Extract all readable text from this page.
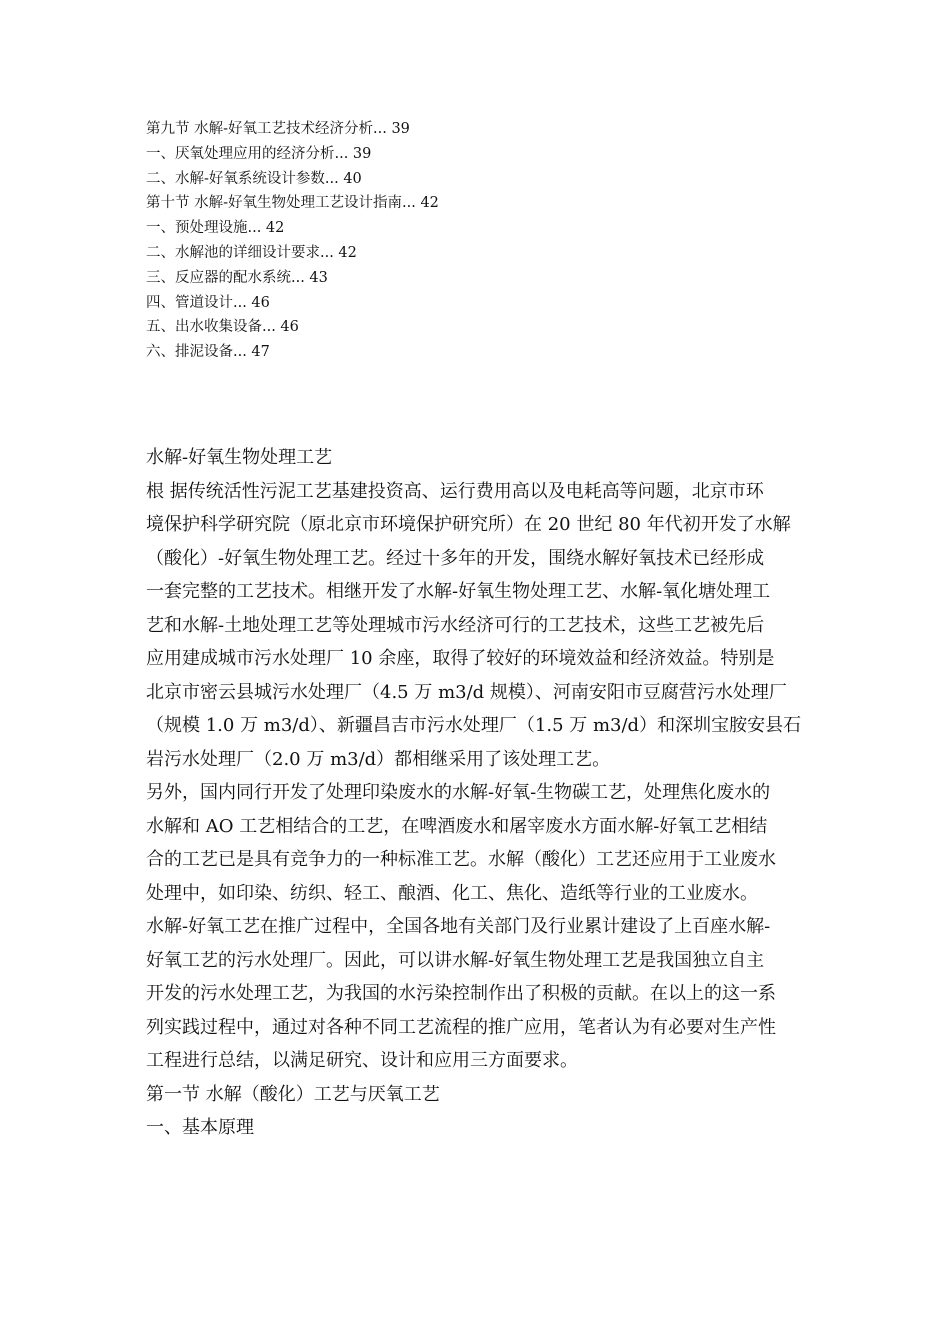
第九节 水解-好氧工艺技术经济分析... 39
一、厌氧处理应用的经济分析... 39
二、水解-好氧系统设计参数... 40
第十节 水解-好氧生物处理工艺设计指南... 42
一、预处理设施... 42
二、水解池的详细设计要求... 42
三、反应器的配水系统... 43
四、管道设计... 46
五、出水收集设备... 46
六、排泥设备... 47
水解-好氧生物处理工艺
根 据传统活性污泥工艺基建投资高、运行费用高以及电耗高等问题，北京市环
境保护科学研究院（原北京市环境保护研究所）在 20 世纪 80 年代初开发了水解
（酸化）-好氧生物处理工艺。经过十多年的开发，围绕水解好氧技术已经形成
一套完整的工艺技术。相继开发了水解-好氧生物处理工艺、水解-氧化塘处理工
艺和水解-土地处理工艺等处理城市污水经济可行的工艺技术，这些工艺被先后
应用建成城市污水处理厂 10 余座，取得了较好的环境效益和经济效益。特别是
北京市密云县城污水处理厂（4.5 万 m3/d 规模）、河南安阳市豆腐营污水处理厂
（规模 1.0 万 m3/d）、新疆昌吉市污水处理厂（1.5 万 m3/d）和深圳宝胺安县石
岩污水处理厂（2.0 万 m3/d）都相继采用了该处理工艺。
另外，国内同行开发了处理印染废水的水解-好氧-生物碳工艺，处理焦化废水的
水解和 AO 工艺相结合的工艺，在啤酒废水和屠宰废水方面水解-好氧工艺相结
合的工艺已是具有竞争力的一种标准工艺。水解（酸化）工艺还应用于工业废水
处理中，如印染、纺织、轻工、酿酒、化工、焦化、造纸等行业的工业废水。
水解-好氧工艺在推广过程中，全国各地有关部门及行业累计建设了上百座水解-
好氧工艺的污水处理厂。因此，可以讲水解-好氧生物处理工艺是我国独立自主
开发的污水处理工艺，为我国的水污染控制作出了积极的贡献。在以上的这一系
列实践过程中，通过对各种不同工艺流程的推广应用，笔者认为有必要对生产性
工程进行总结，以满足研究、设计和应用三方面要求。
第一节 水解（酸化）工艺与厌氧工艺
一、基本原理
